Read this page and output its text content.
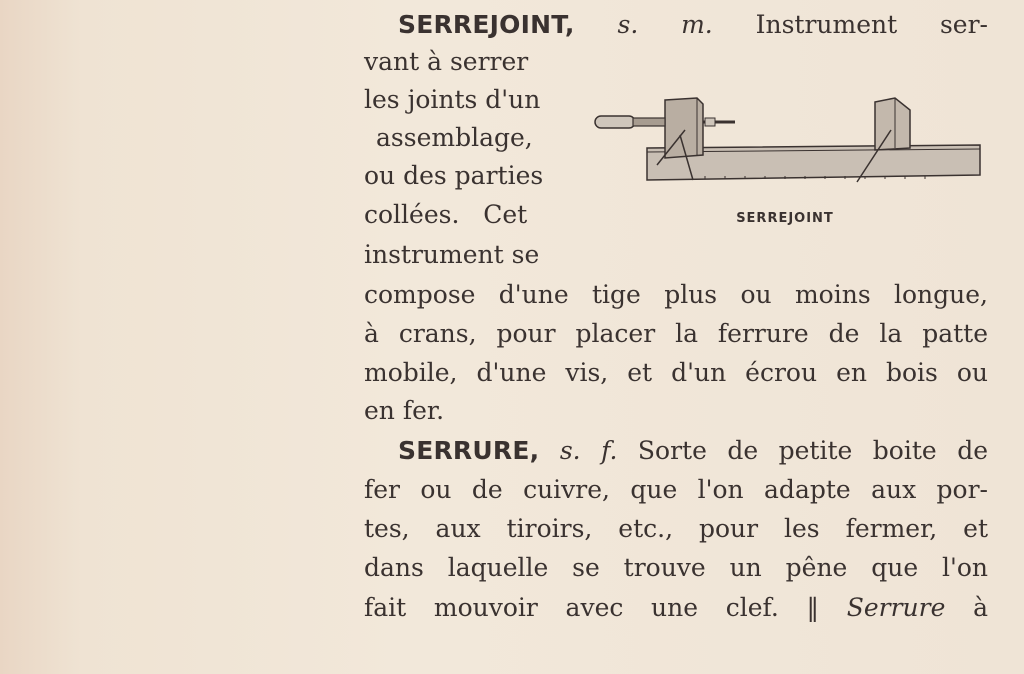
SERREJOINT, s. m. Instrument ser-
vant à serrer
les joints d'un
assemblage,
ou des parties
collées.   Cet
instrument se
compose d'une tige plus ou moins longue,
à crans, pour placer la ferrure de la patte
mobile, d'une vis, et d'un écrou en bois ou
en fer.
SERRURE, s. f. Sorte de petite boite de
fer ou de cuivre, que l'on adapte aux por-
tes, aux tiroirs, etc., pour les fermer, et
dans laquelle se trouve un pêne que l'on
fait mouvoir avec une clef. ‖ Serrure à
SERREJOINT
